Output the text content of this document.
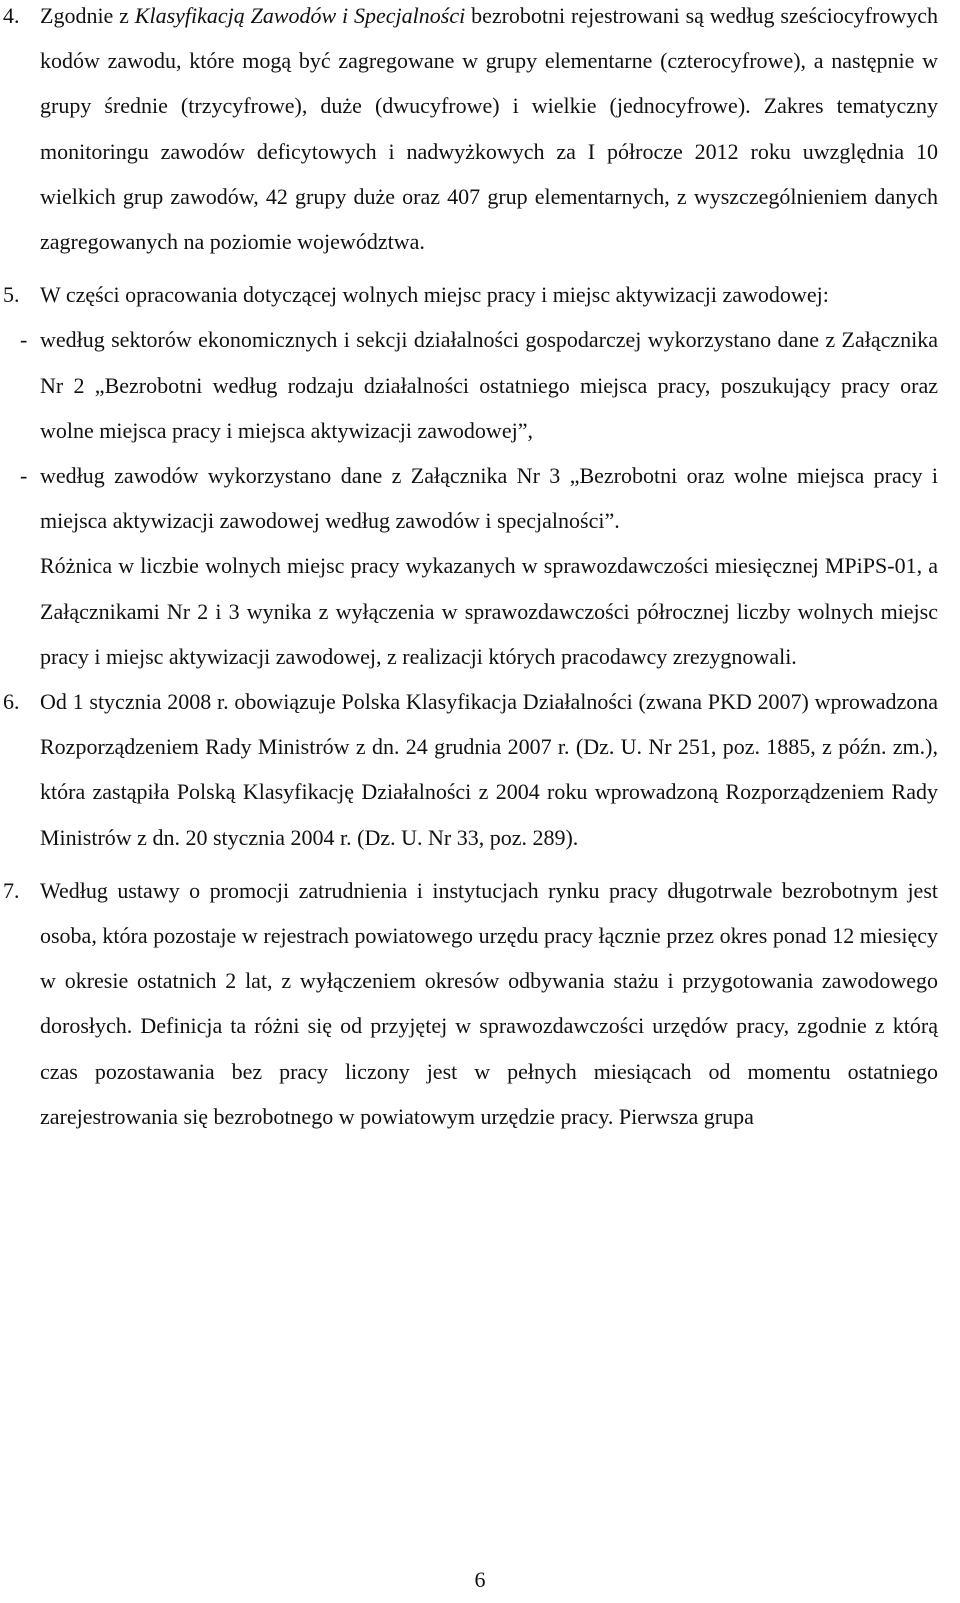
4. Zgodnie z Klasyfikacją Zawodów i Specjalności bezrobotni rejestrowani są według sześciocyfrowych kodów zawodu, które mogą być zagregowane w grupy elementarne (czterocyfrowe), a następnie w grupy średnie (trzycyfrowe), duże (dwucyfrowe) i wielkie (jednocyfrowe). Zakres tematyczny monitoringu zawodów deficytowych i nadwyżkowych za I półrocze 2012 roku uwzględnia 10 wielkich grup zawodów, 42 grupy duże oraz 407 grup elementarnych, z wyszczególnieniem danych zagregowanych na poziomie województwa.

5. W części opracowania dotyczącej wolnych miejsc pracy i miejsc aktywizacji zawodowej:

- według sektorów ekonomicznych i sekcji działalności gospodarczej wykorzystano dane z Załącznika Nr 2 „Bezrobotni według rodzaju działalności ostatniego miejsca pracy, poszukujący pracy oraz wolne miejsca pracy i miejsca aktywizacji zawodowej”,

- według zawodów wykorzystano dane z Załącznika Nr 3 „Bezrobotni oraz wolne miejsca pracy i miejsca aktywizacji zawodowej według zawodów i specjalności”.

Różnica w liczbie wolnych miejsc pracy wykazanych w sprawozdawczości miesięcznej MPiPS-01, a Załącznikami Nr 2 i 3 wynika z wyłączenia w sprawozdawczości półrocznej liczby wolnych miejsc pracy i miejsc aktywizacji zawodowej, z realizacji których pracodawcy zrezygnowali.

6. Od 1 stycznia 2008 r. obowiązuje Polska Klasyfikacja Działalności (zwana PKD 2007) wprowadzona Rozporządzeniem Rady Ministrów z dn. 24 grudnia 2007 r. (Dz. U. Nr 251, poz. 1885, z późn. zm.), która zastąpiła Polską Klasyfikację Działalności z 2004 roku wprowadzoną Rozporządzeniem Rady Ministrów z dn. 20 stycznia 2004 r. (Dz. U. Nr 33, poz. 289).

7. Według ustawy o promocji zatrudnienia i instytucjach rynku pracy długotrwale bezrobotnym jest osoba, która pozostaje w rejestrach powiatowego urzędu pracy łącznie przez okres ponad 12 miesięcy w okresie ostatnich 2 lat, z wyłączeniem okresów odbywania stażu i przygotowania zawodowego dorosłych. Definicja ta różni się od przyjętej w sprawozdawczości urzędów pracy, zgodnie z którą czas pozostawania bez pracy liczony jest w pełnych miesiącach od momentu ostatniego zarejestrowania się bezrobotnego w powiatowym urzędzie pracy. Pierwsza grupa

6
